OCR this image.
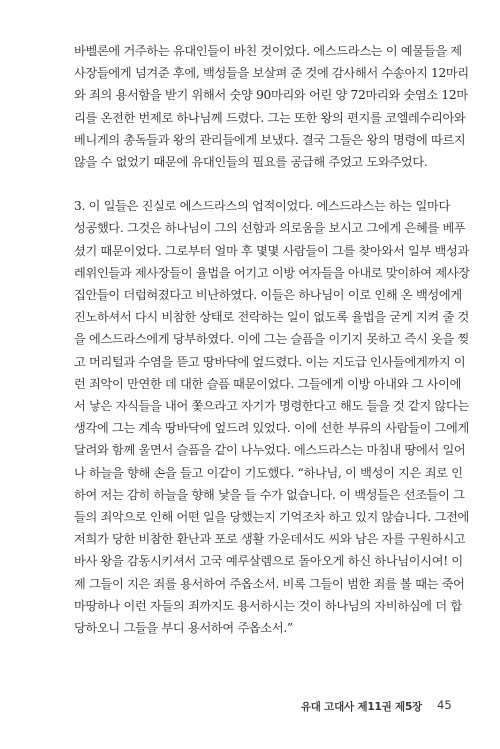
바벨론에 거주하는 유대인들이 바친 것이었다. 에스드라스는 이 예물들을 제
사장들에게 넘겨준 후에, 백성들을 보살펴 준 것에 감사해서 수송아지 12마리
와 죄의 용서함을 받기 위해서 숫양 90마리와 어린 양 72마리와 숫염소 12마
리를 온전한 번제로 하나님께 드렸다. 그는 또한 왕의 편지를 코엘레수리아와
베니게의 총독들과 왕의 관리들에게 보냈다. 결국 그들은 왕의 명령에 따르지
않을 수 없었기 때문에 유대인들의 필요를 공급해 주었고 도와주었다.

3. 이 일들은 진실로 에스드라스의 업적이었다. 에스드라스는 하는 일마다
성공했다. 그것은 하나님이 그의 선함과 의로움을 보시고 그에게 은혜를 베푸
셨기 때문이었다. 그로부터 얼마 후 몇몇 사람들이 그를 찾아와서 일부 백성과
레위인들과 제사장들이 율법을 어기고 이방 여자들을 아내로 맞이하여 제사장
집안들이 더럽혀졌다고 비난하였다. 이들은 하나님이 이로 인해 온 백성에게
진노하셔서 다시 비참한 상태로 전락하는 일이 없도록 율법을 굳게 지켜 줄 것
을 에스드라스에게 당부하였다. 이에 그는 슬픔을 이기지 못하고 즉시 옷을 찢
고 머리털과 수염을 뜯고 땅바닥에 엎드렸다. 이는 지도급 인사들에게까지 이
런 죄악이 만연한 데 대한 슬픔 때문이었다. 그들에게 이방 아내와 그 사이에
서 낳은 자식들을 내어 쫓으라고 자기가 명령한다고 해도 들을 것 같지 않다는
생각에 그는 계속 땅바닥에 엎드려 있었다. 이에 선한 부류의 사람들이 그에게
달려와 함께 울면서 슬픔을 같이 나누었다. 에스드라스는 마침내 땅에서 일어
나 하늘을 향해 손을 들고 이같이 기도했다. “하나님, 이 백성이 지은 죄로 인
하여 저는 감히 하늘을 향해 낯을 들 수가 없습니다. 이 백성들은 선조들이 그
들의 죄악으로 인해 어떤 일을 당했는지 기억조차 하고 있지 않습니다. 그전에
저희가 당한 비참한 환난과 포로 생활 가운데서도 씨와 남은 자를 구원하시고
바사 왕을 감동시키셔서 고국 예루살렘으로 돌아오게 하신 하나님이시여! 이
제 그들이 지은 죄를 용서하여 주옵소서. 비록 그들이 범한 죄를 볼 때는 죽어
마땅하나 이런 자들의 죄까지도 용서하시는 것이 하나님의 자비하심에 더 합
당하오니 그들을 부디 용서하여 주옵소서.”

유대 고대사 제11권 제5장 45
